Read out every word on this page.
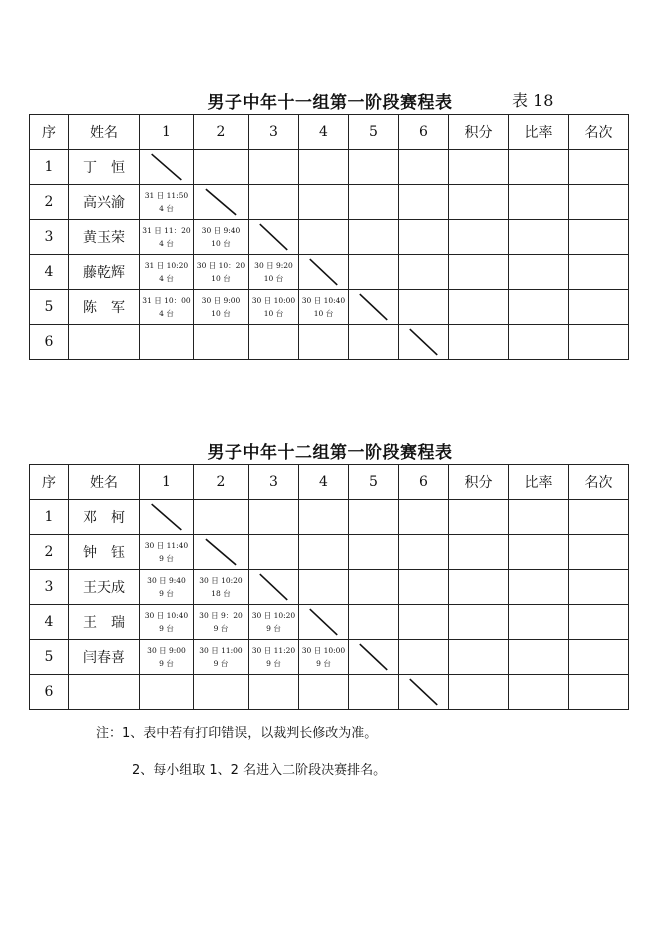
男子中年十一组第一阶段赛程表	表 18
序	姓名	1	2	3	4	5	6	积分	比率	名次
1	丁　恒	

2	高兴渝	31 日 11:50
4 台

3	黄玉荣	31 日 11：20
4 台	30 日 9:40
10 台

4	藤乾辉	31 日 10:20
4 台	30 日 10：20
10 台	30 日 9:20
10 台

5	陈　军	31 日 10：00
4 台	30 日 9:00
10 台	30 日 10:00
10 台	30 日 10:40
10 台

6							

男子中年十二组第一阶段赛程表
序	姓名	1	2	3	4	5	6	积分	比率	名次
1	邓　柯	

2	钟　钰	30 日 11:40
9 台

3	王天成	30 日 9:40
9 台	30 日 10:20
18 台

4	王　瑞	30 日 10:40
9 台	30 日 9：20
9 台	30 日 10:20
9 台

5	闫春喜	30 日 9:00
9 台	30 日 11:00
9 台	30 日 11:20
9 台	30 日 10:00
9 台

6							

注：1、表中若有打印错误，以裁判长修改为准。
2、每小组取 1、2 名进入二阶段决赛排名。
